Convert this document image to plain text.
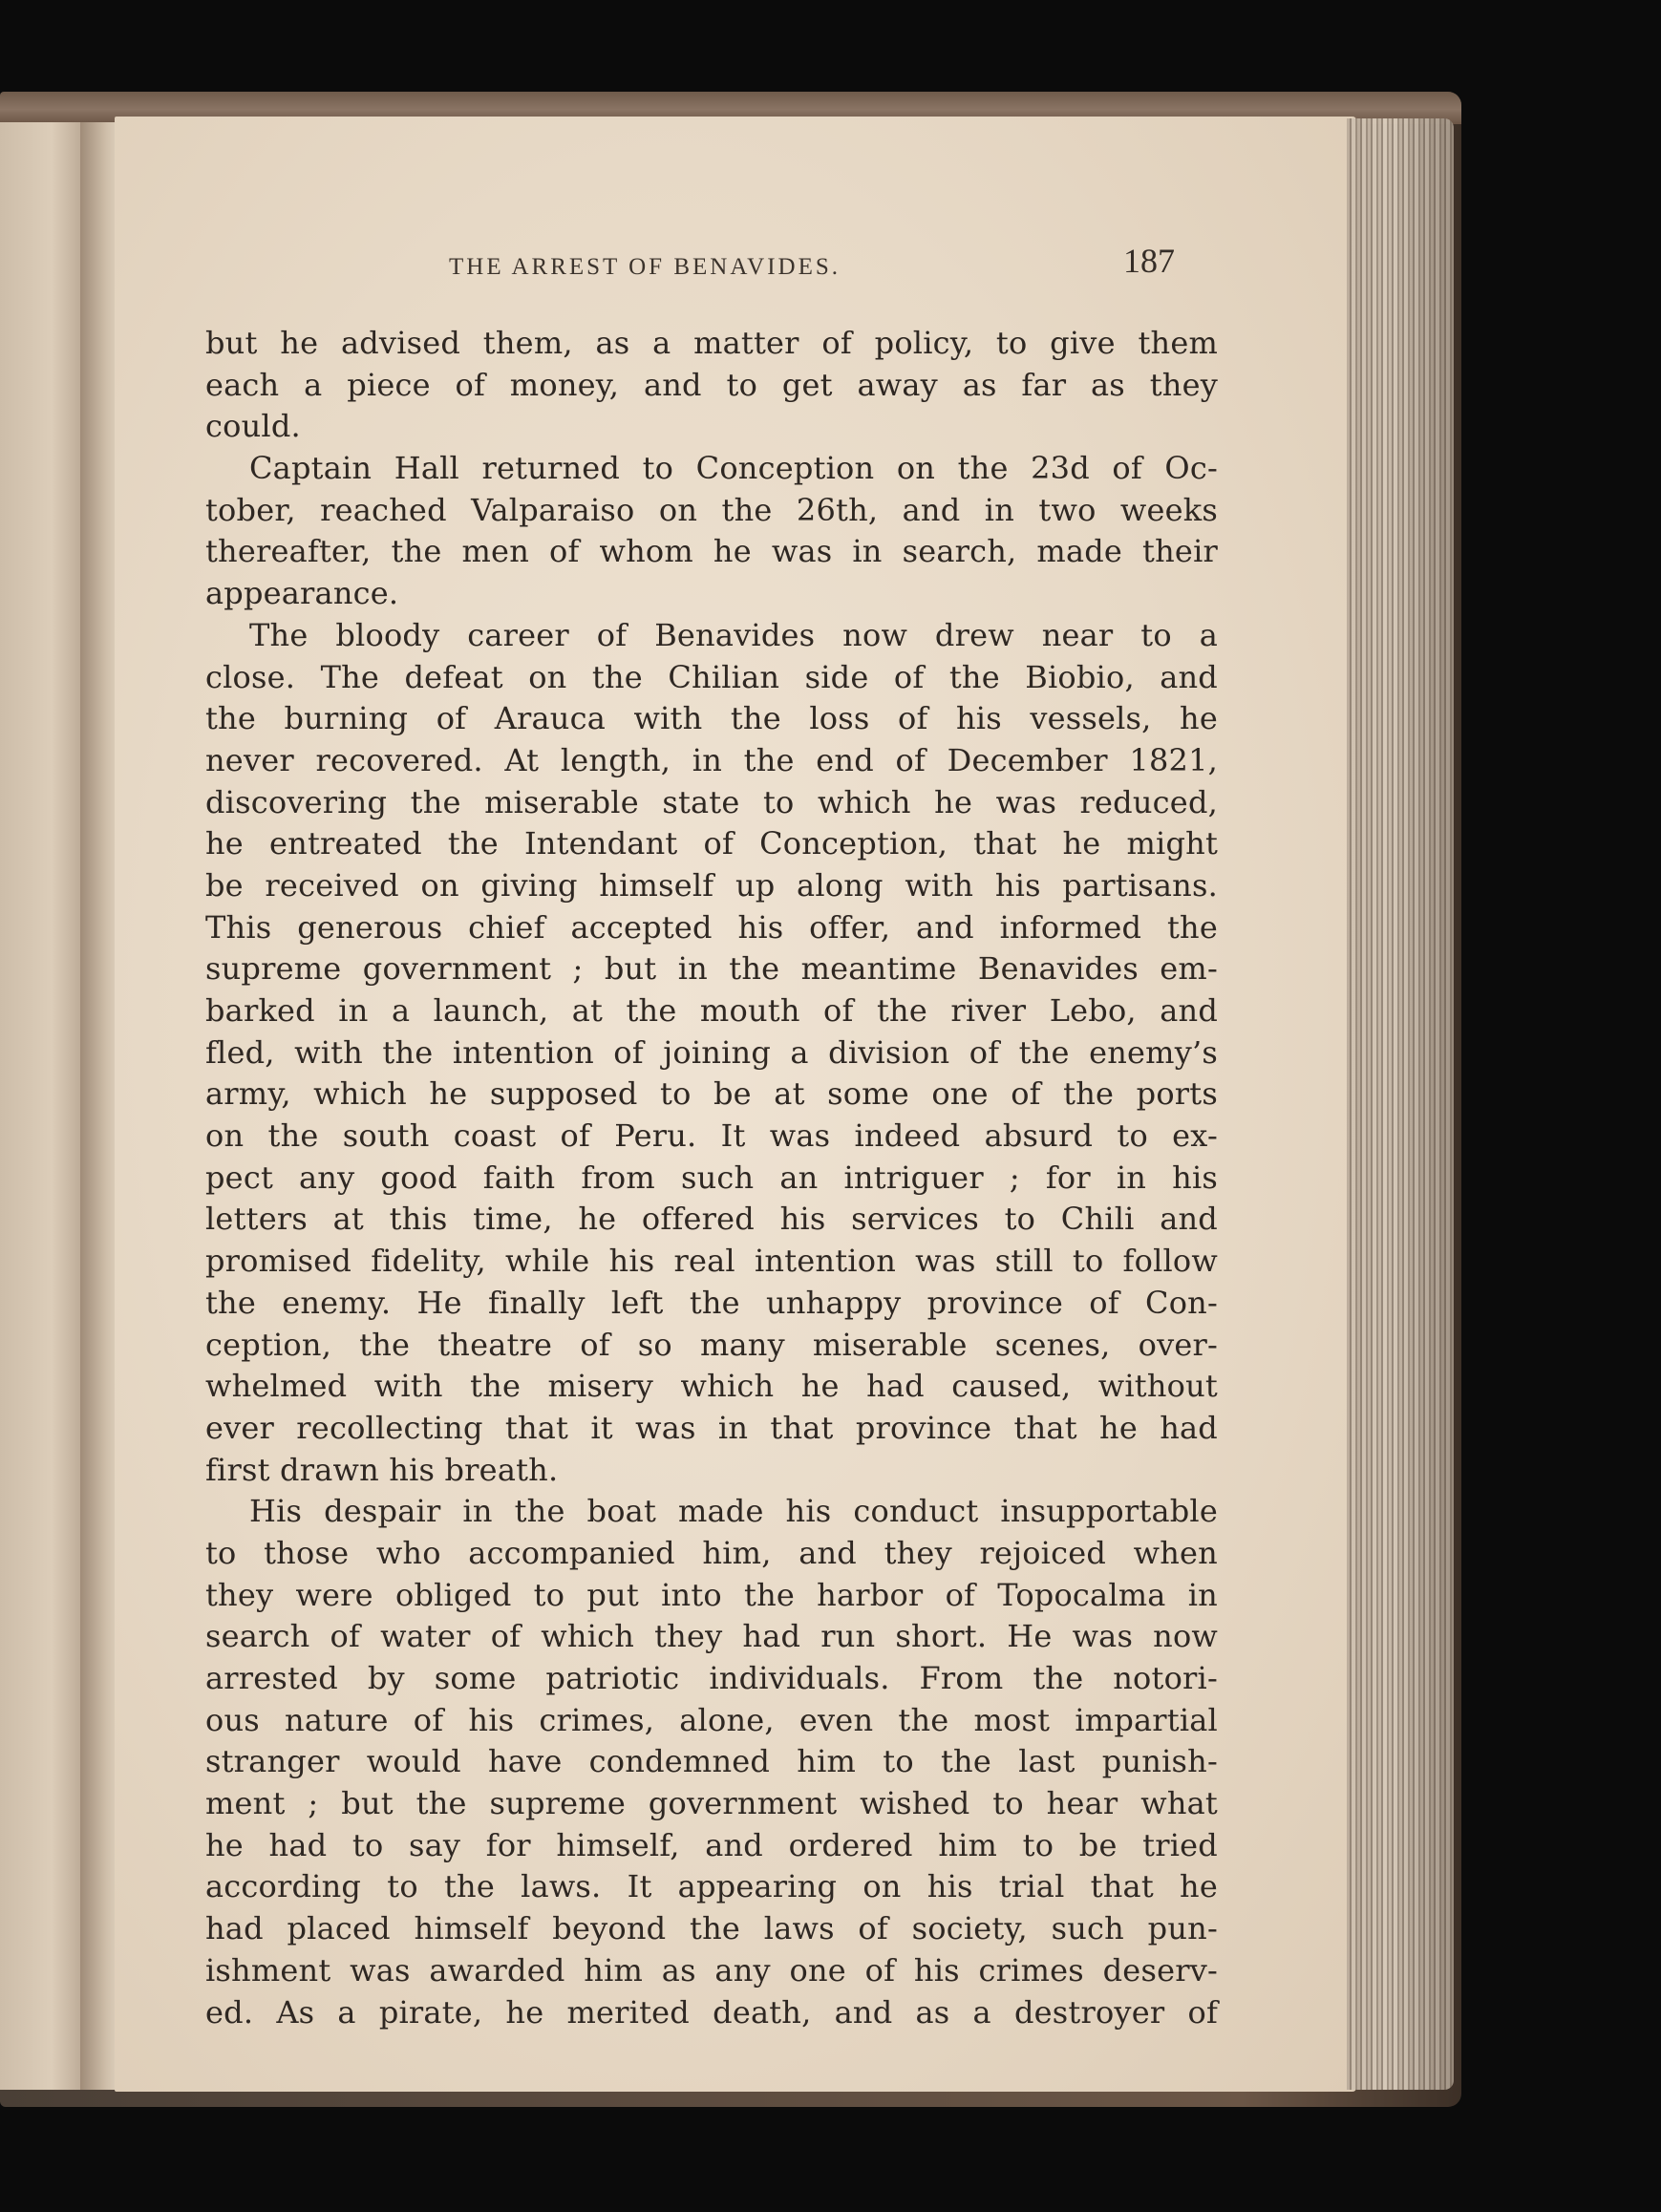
THE ARREST OF BENAVIDES.	187
but he advised them, as a matter of policy, to give them
each a piece of money, and to get away as far as they
could.
Captain Hall returned to Conception on the 23d of Oc-
tober, reached Valparaiso on the 26th, and in two weeks
thereafter, the men of whom he was in search, made their
appearance.
The bloody career of Benavides now drew near to a
close. The defeat on the Chilian side of the Biobio, and
the burning of Arauca with the loss of his vessels, he
never recovered. At length, in the end of December 1821,
discovering the miserable state to which he was reduced,
he entreated the Intendant of Conception, that he might
be received on giving himself up along with his partisans.
This generous chief accepted his offer, and informed the
supreme government ; but in the meantime Benavides em-
barked in a launch, at the mouth of the river Lebo, and
fled, with the intention of joining a division of the enemy’s
army, which he supposed to be at some one of the ports
on the south coast of Peru. It was indeed absurd to ex-
pect any good faith from such an intriguer ; for in his
letters at this time, he offered his services to Chili and
promised fidelity, while his real intention was still to follow
the enemy. He finally left the unhappy province of Con-
ception, the theatre of so many miserable scenes, over-
whelmed with the misery which he had caused, without
ever recollecting that it was in that province that he had
first drawn his breath.
His despair in the boat made his conduct insupportable
to those who accompanied him, and they rejoiced when
they were obliged to put into the harbor of Topocalma in
search of water of which they had run short. He was now
arrested by some patriotic individuals. From the notori-
ous nature of his crimes, alone, even the most impartial
stranger would have condemned him to the last punish-
ment ; but the supreme government wished to hear what
he had to say for himself, and ordered him to be tried
according to the laws. It appearing on his trial that he
had placed himself beyond the laws of society, such pun-
ishment was awarded him as any one of his crimes deserv-
ed. As a pirate, he merited death, and as a destroyer of
